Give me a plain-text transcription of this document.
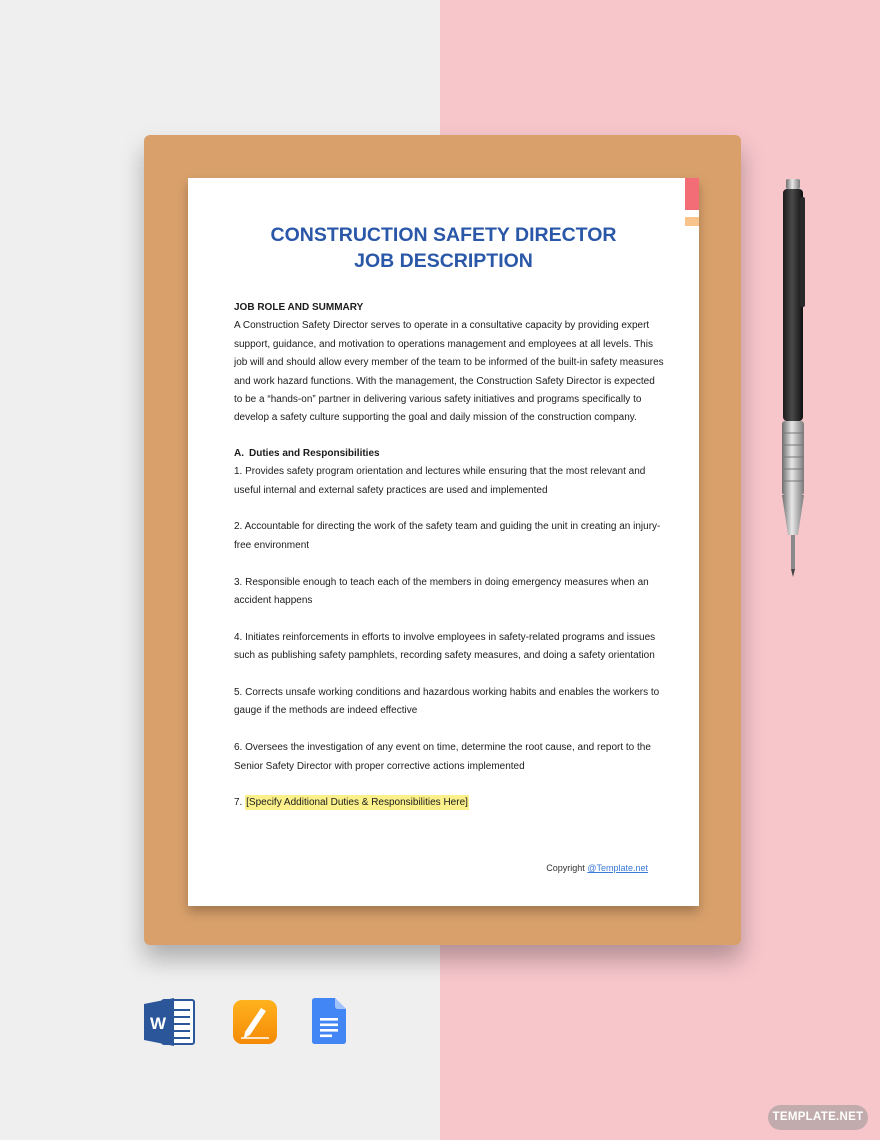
CONSTRUCTION SAFETY DIRECTOR
JOB DESCRIPTION

JOB ROLE AND SUMMARY

A Construction Safety Director serves to operate in a consultative capacity by providing expert support, guidance, and motivation to operations management and employees at all levels. This job will and should allow every member of the team to be informed of the built-in safety measures and work hazard functions. With the management, the Construction Safety Director is expected to be a “hands-on” partner in delivering various safety initiatives and programs specifically to develop a safety culture supporting the goal and daily mission of the construction company.

A. Duties and Responsibilities

1. Provides safety program orientation and lectures while ensuring that the most relevant and useful internal and external safety practices are used and implemented

2. Accountable for directing the work of the safety team and guiding the unit in creating an injury-free environment

3. Responsible enough to teach each of the members in doing emergency measures when an accident happens

4. Initiates reinforcements in efforts to involve employees in safety-related programs and issues such as publishing safety pamphlets, recording safety measures, and doing a safety orientation

5. Corrects unsafe working conditions and hazardous working habits and enables the workers to gauge if the methods are indeed effective

6. Oversees the investigation of any event on time, determine the root cause, and report to the Senior Safety Director with proper corrective actions implemented

7. [Specify Additional Duties & Responsibilities Here]

Copyright @Template.net
W
TEMPLATE.NET
